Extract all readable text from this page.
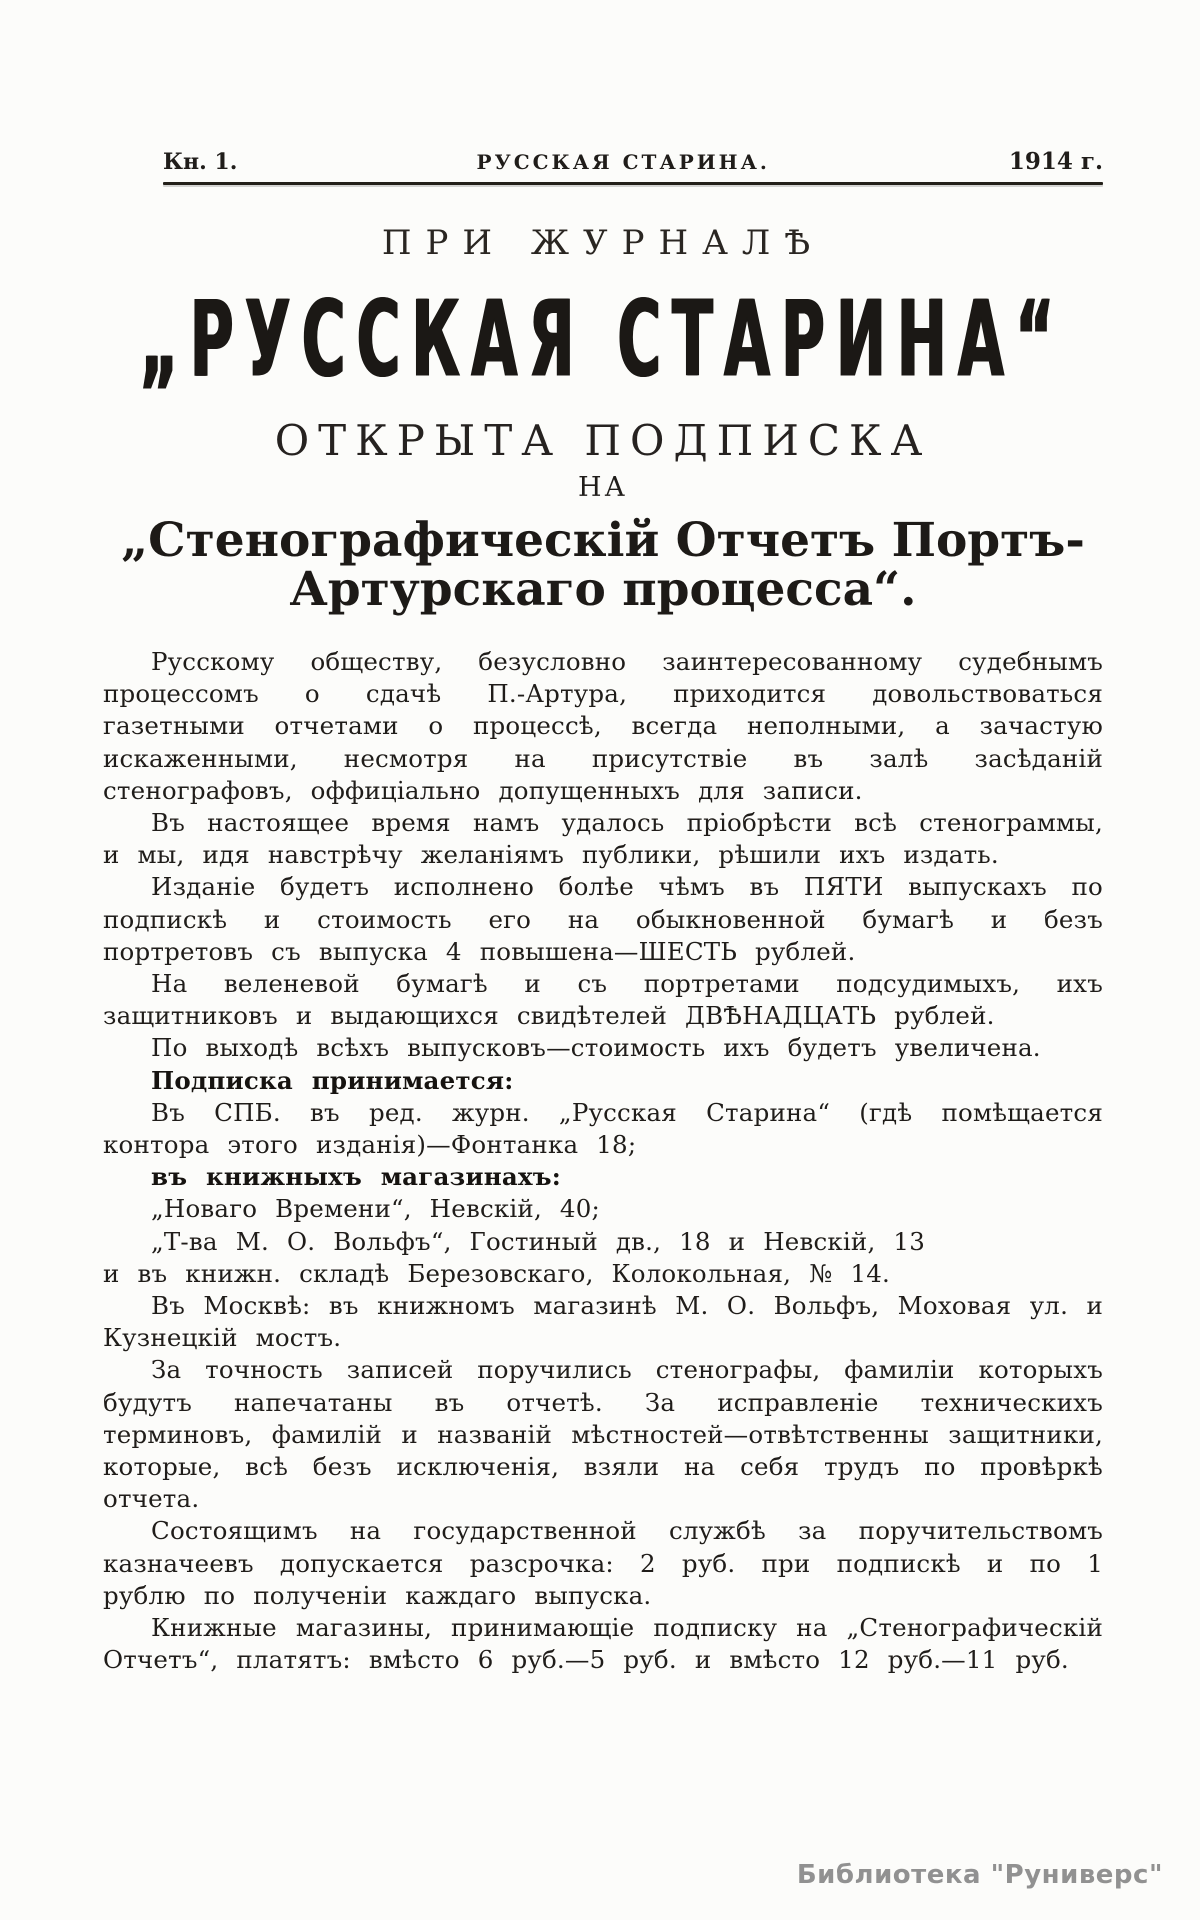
Кн. 1.	РУССКАЯ СТАРИНА.	1914 г.
ПРИ ЖУРНАЛѢ
„РУССКАЯ СТАРИНА“
ОТКРЫТА ПОДПИСКА
НА
„Стенографическій Отчетъ Портъ-
Артурскаго процесса“.

Русскому обществу, безусловно заинтересованному судебнымъ процессомъ о сдачѣ П.-Артура, приходится довольствоваться газетными отчетами о процессѣ, всегда неполными, а зачастую искаженными, несмотря на присутствіе въ залѣ засѣданій стенографовъ, оффиціально допущенныхъ для записи.

Въ настоящее время намъ удалось пріобрѣсти всѣ стенограммы, и мы, идя навстрѣчу желаніямъ публики, рѣшили ихъ издать.

Изданіе будетъ исполнено болѣе чѣмъ въ ПЯТИ выпускахъ по подпискѣ и стоимость его на обыкновенной бумагѣ и безъ портретовъ съ выпуска 4 повышена—ШЕСТЬ рублей.

На веленевой бумагѣ и съ портретами подсудимыхъ, ихъ защитниковъ и выдающихся свидѣтелей ДВѢНАДЦАТЬ рублей.

По выходѣ всѣхъ выпусковъ—стоимость ихъ будетъ увеличена.

Подписка принимается:

Въ СПБ. въ ред. журн. „Русская Старина“ (гдѣ помѣщается контора этого изданія)—Фонтанка 18;

въ книжныхъ магазинахъ:

„Новаго Времени“, Невскій, 40;

„Т-ва М. О. Вольфъ“, Гостиный дв., 18 и Невскій, 13

и въ книжн. складѣ Березовскаго, Колокольная, № 14.

Въ Москвѣ: въ книжномъ магазинѣ М. О. Вольфъ, Моховая ул. и Кузнецкій мостъ.

За точность записей поручились стенографы, фамиліи которыхъ будутъ напечатаны въ отчетѣ. За исправленіе техническихъ терминовъ, фамилій и названій мѣстностей—отвѣтственны защитники, которые, всѣ безъ исключенія, взяли на себя трудъ по провѣркѣ отчета.

Состоящимъ на государственной службѣ за поручительствомъ казначеевъ допускается разсрочка: 2 руб. при подпискѣ и по 1 рублю по полученіи каждаго выпуска.

Книжные магазины, принимающіе подписку на „Стенографическій Отчетъ“, платятъ: вмѣсто 6 руб.—5 руб. и вмѣсто 12 руб.—11 руб.

Библиотека "Руниверс"
